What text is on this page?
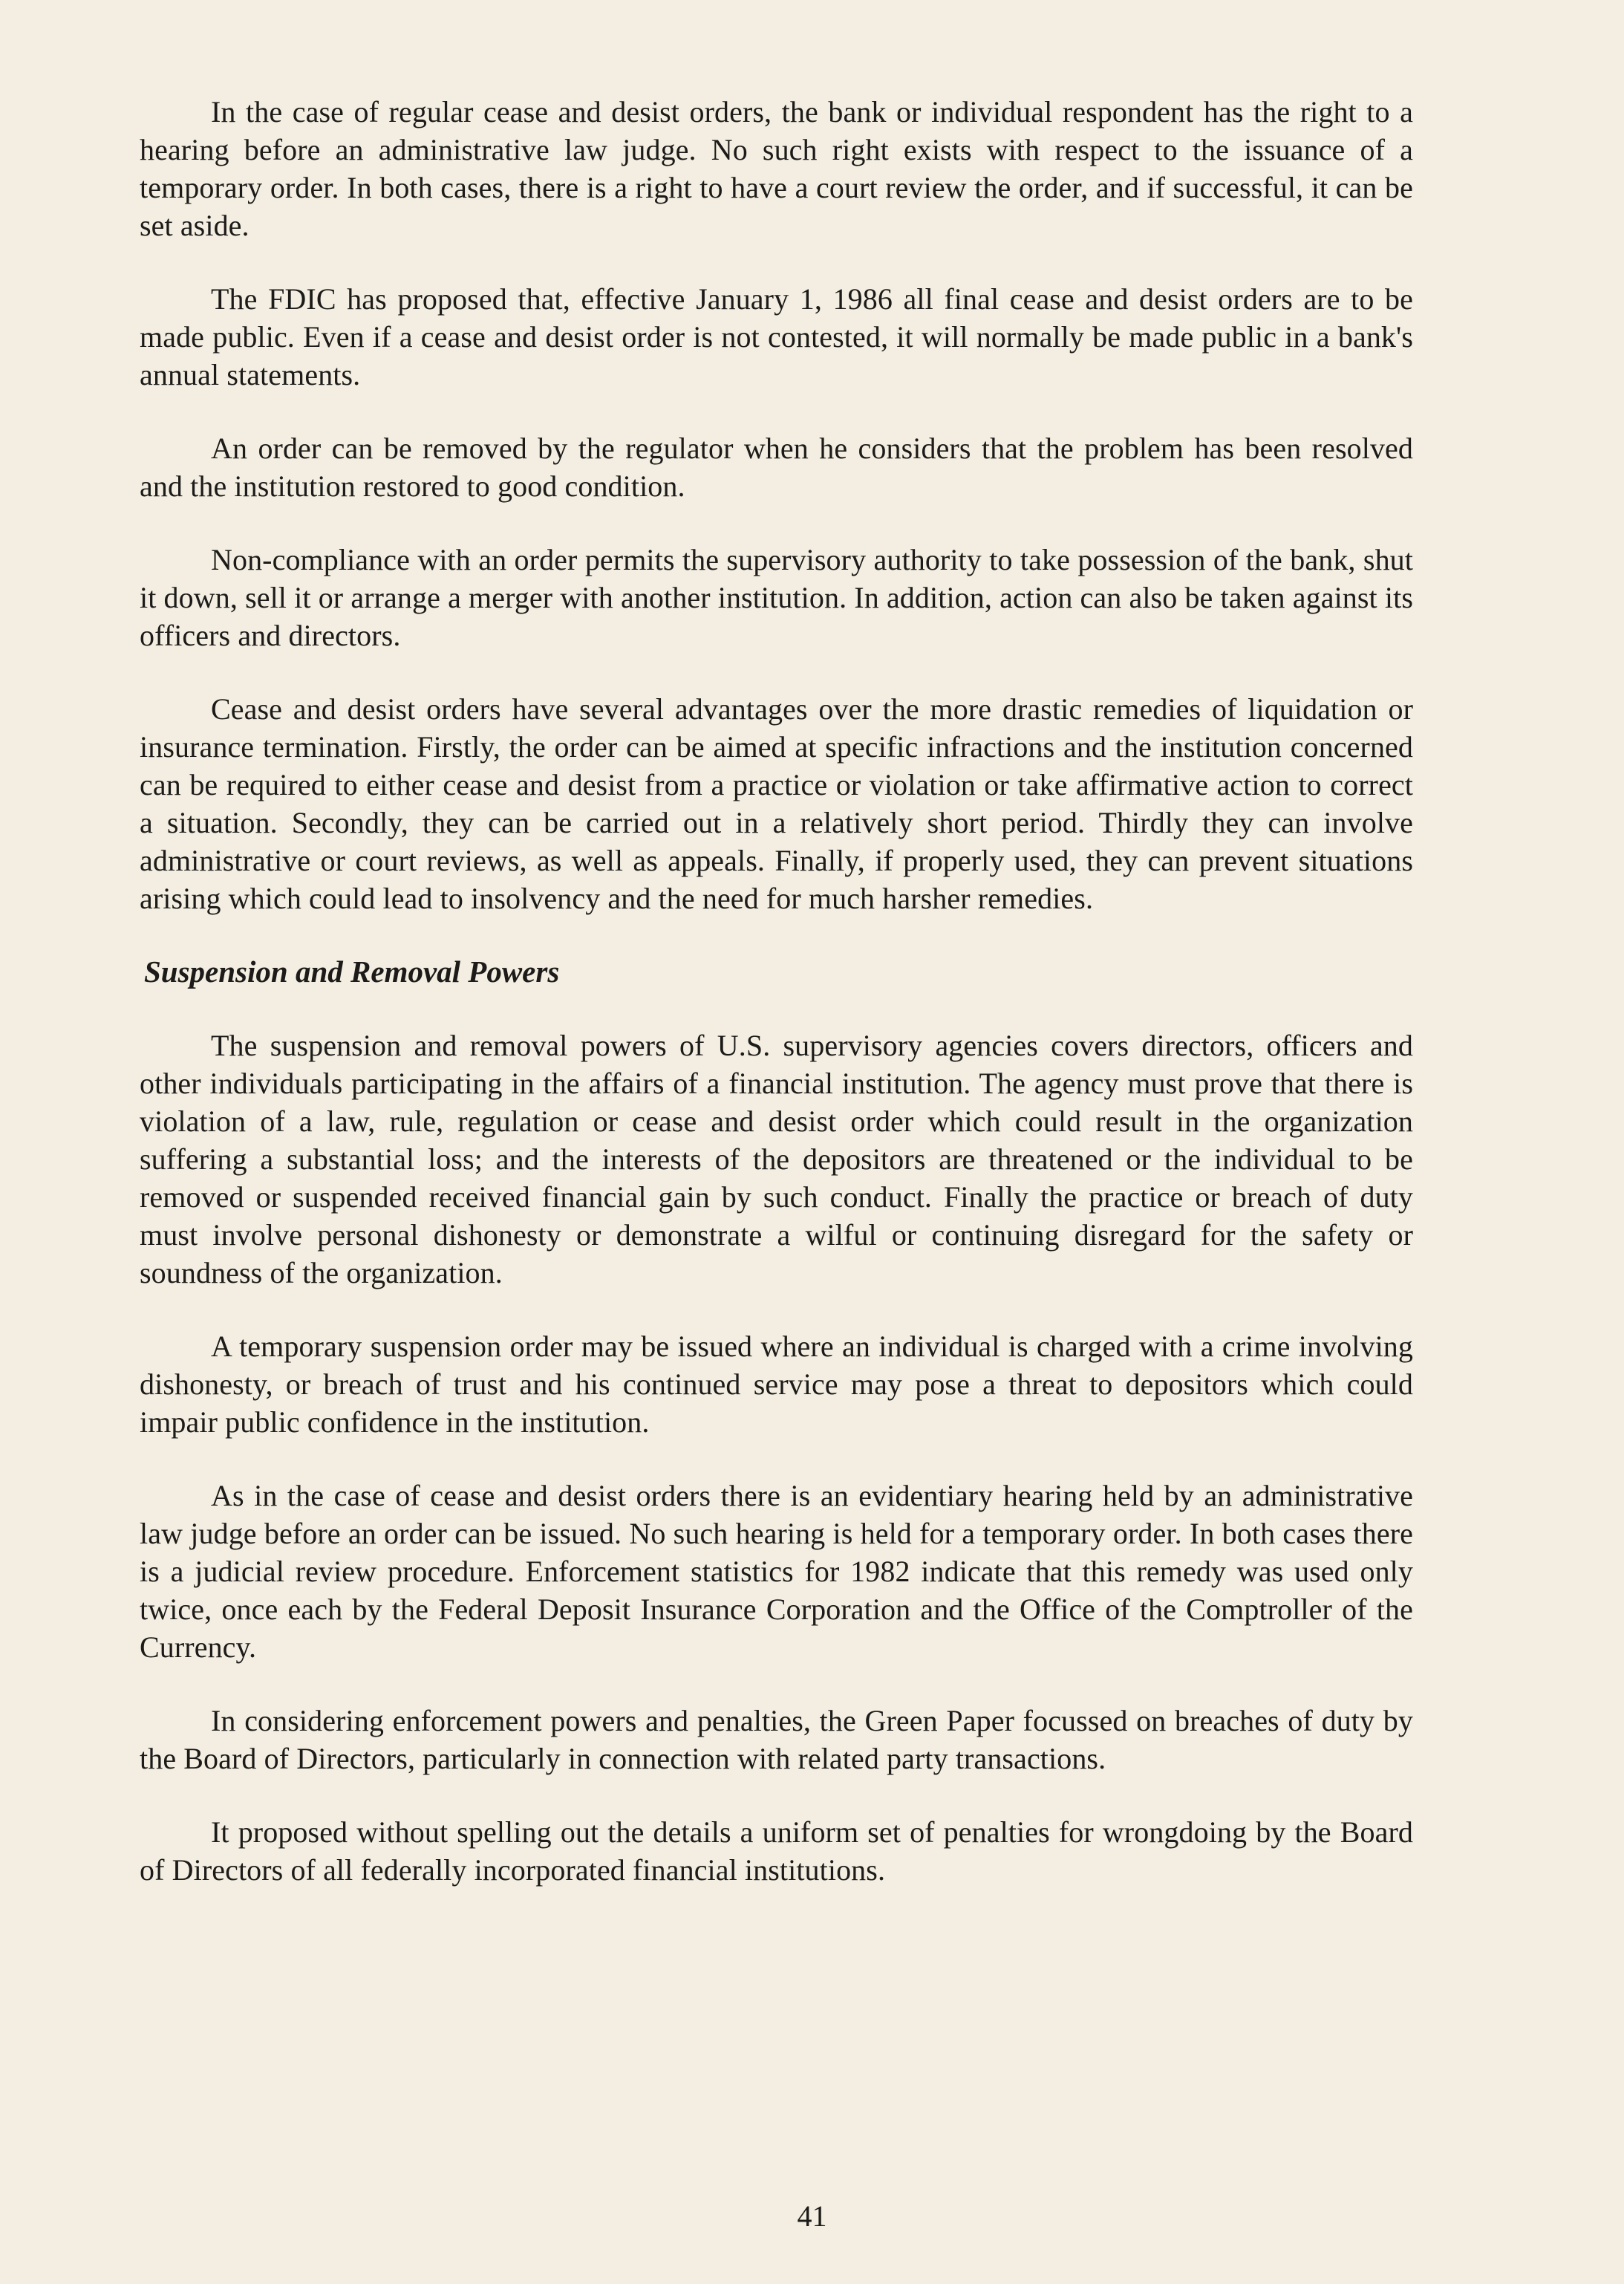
In the case of regular cease and desist orders, the bank or individual respondent has the right to a hearing before an administrative law judge. No such right exists with respect to the issuance of a temporary order. In both cases, there is a right to have a court review the order, and if successful, it can be set aside.

The FDIC has proposed that, effective January 1, 1986 all final cease and desist orders are to be made public. Even if a cease and desist order is not contested, it will normally be made public in a bank's annual statements.

An order can be removed by the regulator when he considers that the problem has been resolved and the institution restored to good condition.

Non-compliance with an order permits the supervisory authority to take possession of the bank, shut it down, sell it or arrange a merger with another institution. In addition, action can also be taken against its officers and directors.

Cease and desist orders have several advantages over the more drastic remedies of liquidation or insurance termination. Firstly, the order can be aimed at specific infractions and the institution concerned can be required to either cease and desist from a practice or violation or take affirmative action to correct a situation. Secondly, they can be carried out in a relatively short period. Thirdly they can involve administrative or court reviews, as well as appeals. Finally, if properly used, they can prevent situations arising which could lead to insolvency and the need for much harsher remedies.

Suspension and Removal Powers

The suspension and removal powers of U.S. supervisory agencies covers directors, officers and other individuals participating in the affairs of a financial institution. The agency must prove that there is violation of a law, rule, regulation or cease and desist order which could result in the organization suffering a substantial loss; and the interests of the depositors are threatened or the individual to be removed or suspended received financial gain by such conduct. Finally the practice or breach of duty must involve personal dishonesty or demonstrate a wilful or continuing disregard for the safety or soundness of the organization.

A temporary suspension order may be issued where an individual is charged with a crime involving dishonesty, or breach of trust and his continued service may pose a threat to depositors which could impair public confidence in the institution.

As in the case of cease and desist orders there is an evidentiary hearing held by an administrative law judge before an order can be issued. No such hearing is held for a temporary order. In both cases there is a judicial review procedure. Enforcement statistics for 1982 indicate that this remedy was used only twice, once each by the Federal Deposit Insurance Corporation and the Office of the Comptroller of the Currency.

In considering enforcement powers and penalties, the Green Paper focussed on breaches of duty by the Board of Directors, particularly in connection with related party transactions.

It proposed without spelling out the details a uniform set of penalties for wrongdoing by the Board of Directors of all federally incorporated financial institutions.

41
